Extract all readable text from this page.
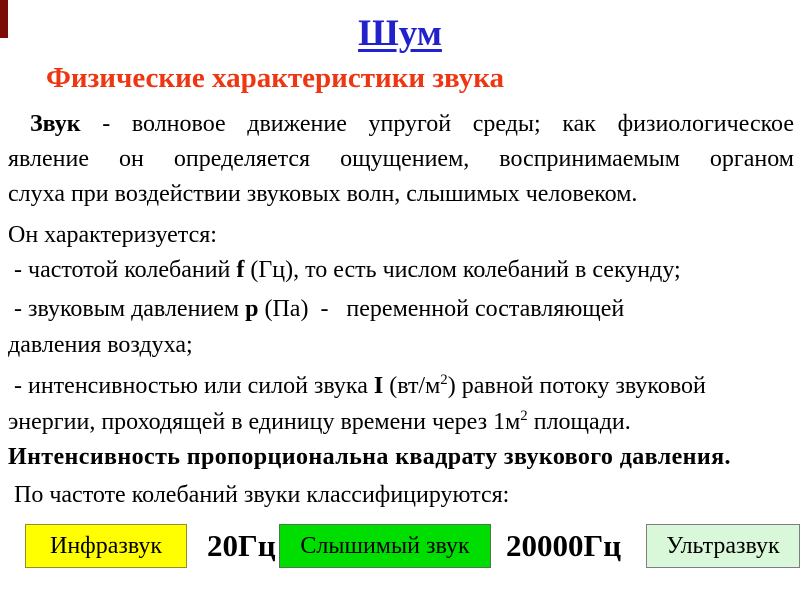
Шум
Физические характеристики звука
Звук - волновое движение упругой среды; как физиологическое
явление он определяется ощущением, воспринимаемым органом
слуха при воздействии звуковых волн, слышимых человеком.
Он характеризуется:
- частотой колебаний f (Гц), то есть числом колебаний в секунду;
- звуковым давлением p (Па)  -   переменной составляющей
давления воздуха;
- интенсивностью или силой звука I $(вт/м^2)$ равной потоку звуковой
энергии, проходящей в единицу времени через $1м^2$ площади.
Интенсивность пропорциональна квадрату звукового давления.
По частоте колебаний звуки классифицируются:
Инфразвук 20Гц Слышимый звук 20000Гц Ультразвук
